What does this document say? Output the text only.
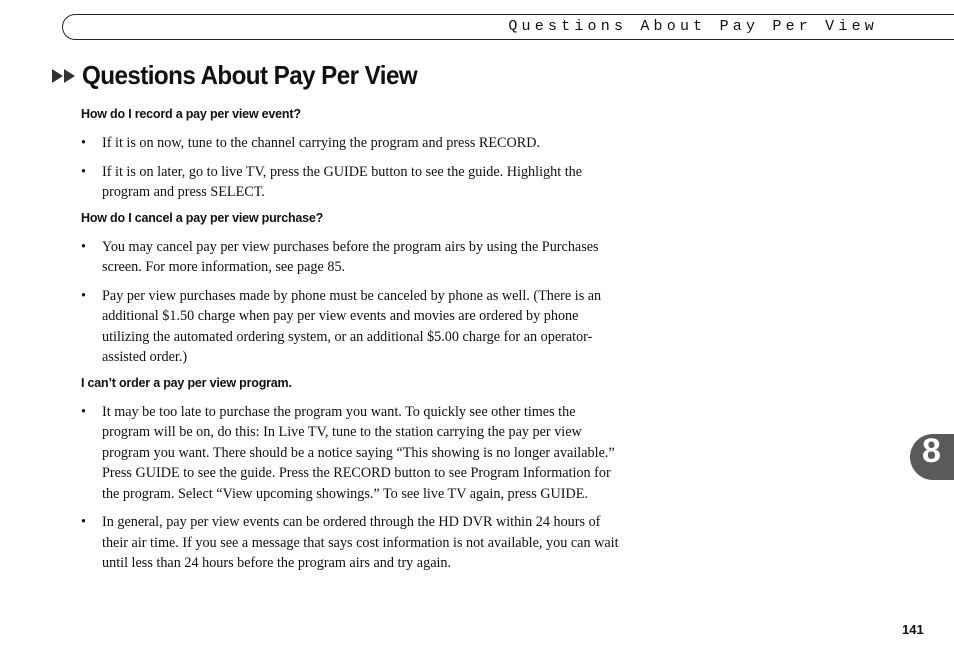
Questions About Pay Per View
Questions About Pay Per View

How do I record a pay per view event?

• If it is on now, tune to the channel carrying the program and press RECORD.
• If it is on later, go to live TV, press the GUIDE button to see the guide. Highlight the program and press SELECT.

How do I cancel a pay per view purchase?

• You may cancel pay per view purchases before the program airs by using the Purchases screen. For more information, see page 85.
• Pay per view purchases made by phone must be canceled by phone as well. (There is an additional $1.50 charge when pay per view events and movies are ordered by phone utilizing the automated ordering system, or an additional $5.00 charge for an operator-assisted order.)

I can’t order a pay per view program.

• It may be too late to purchase the program you want. To quickly see other times the program will be on, do this: In Live TV, tune to the station carrying the pay per view program you want. There should be a notice saying “This showing is no longer available.” Press GUIDE to see the guide. Press the RECORD button to see Program Information for the program. Select “View upcoming showings.” To see live TV again, press GUIDE.
• In general, pay per view events can be ordered through the HD DVR within 24 hours of their air time. If you see a message that says cost information is not available, you can wait until less than 24 hours before the program airs and try again.
8
141
